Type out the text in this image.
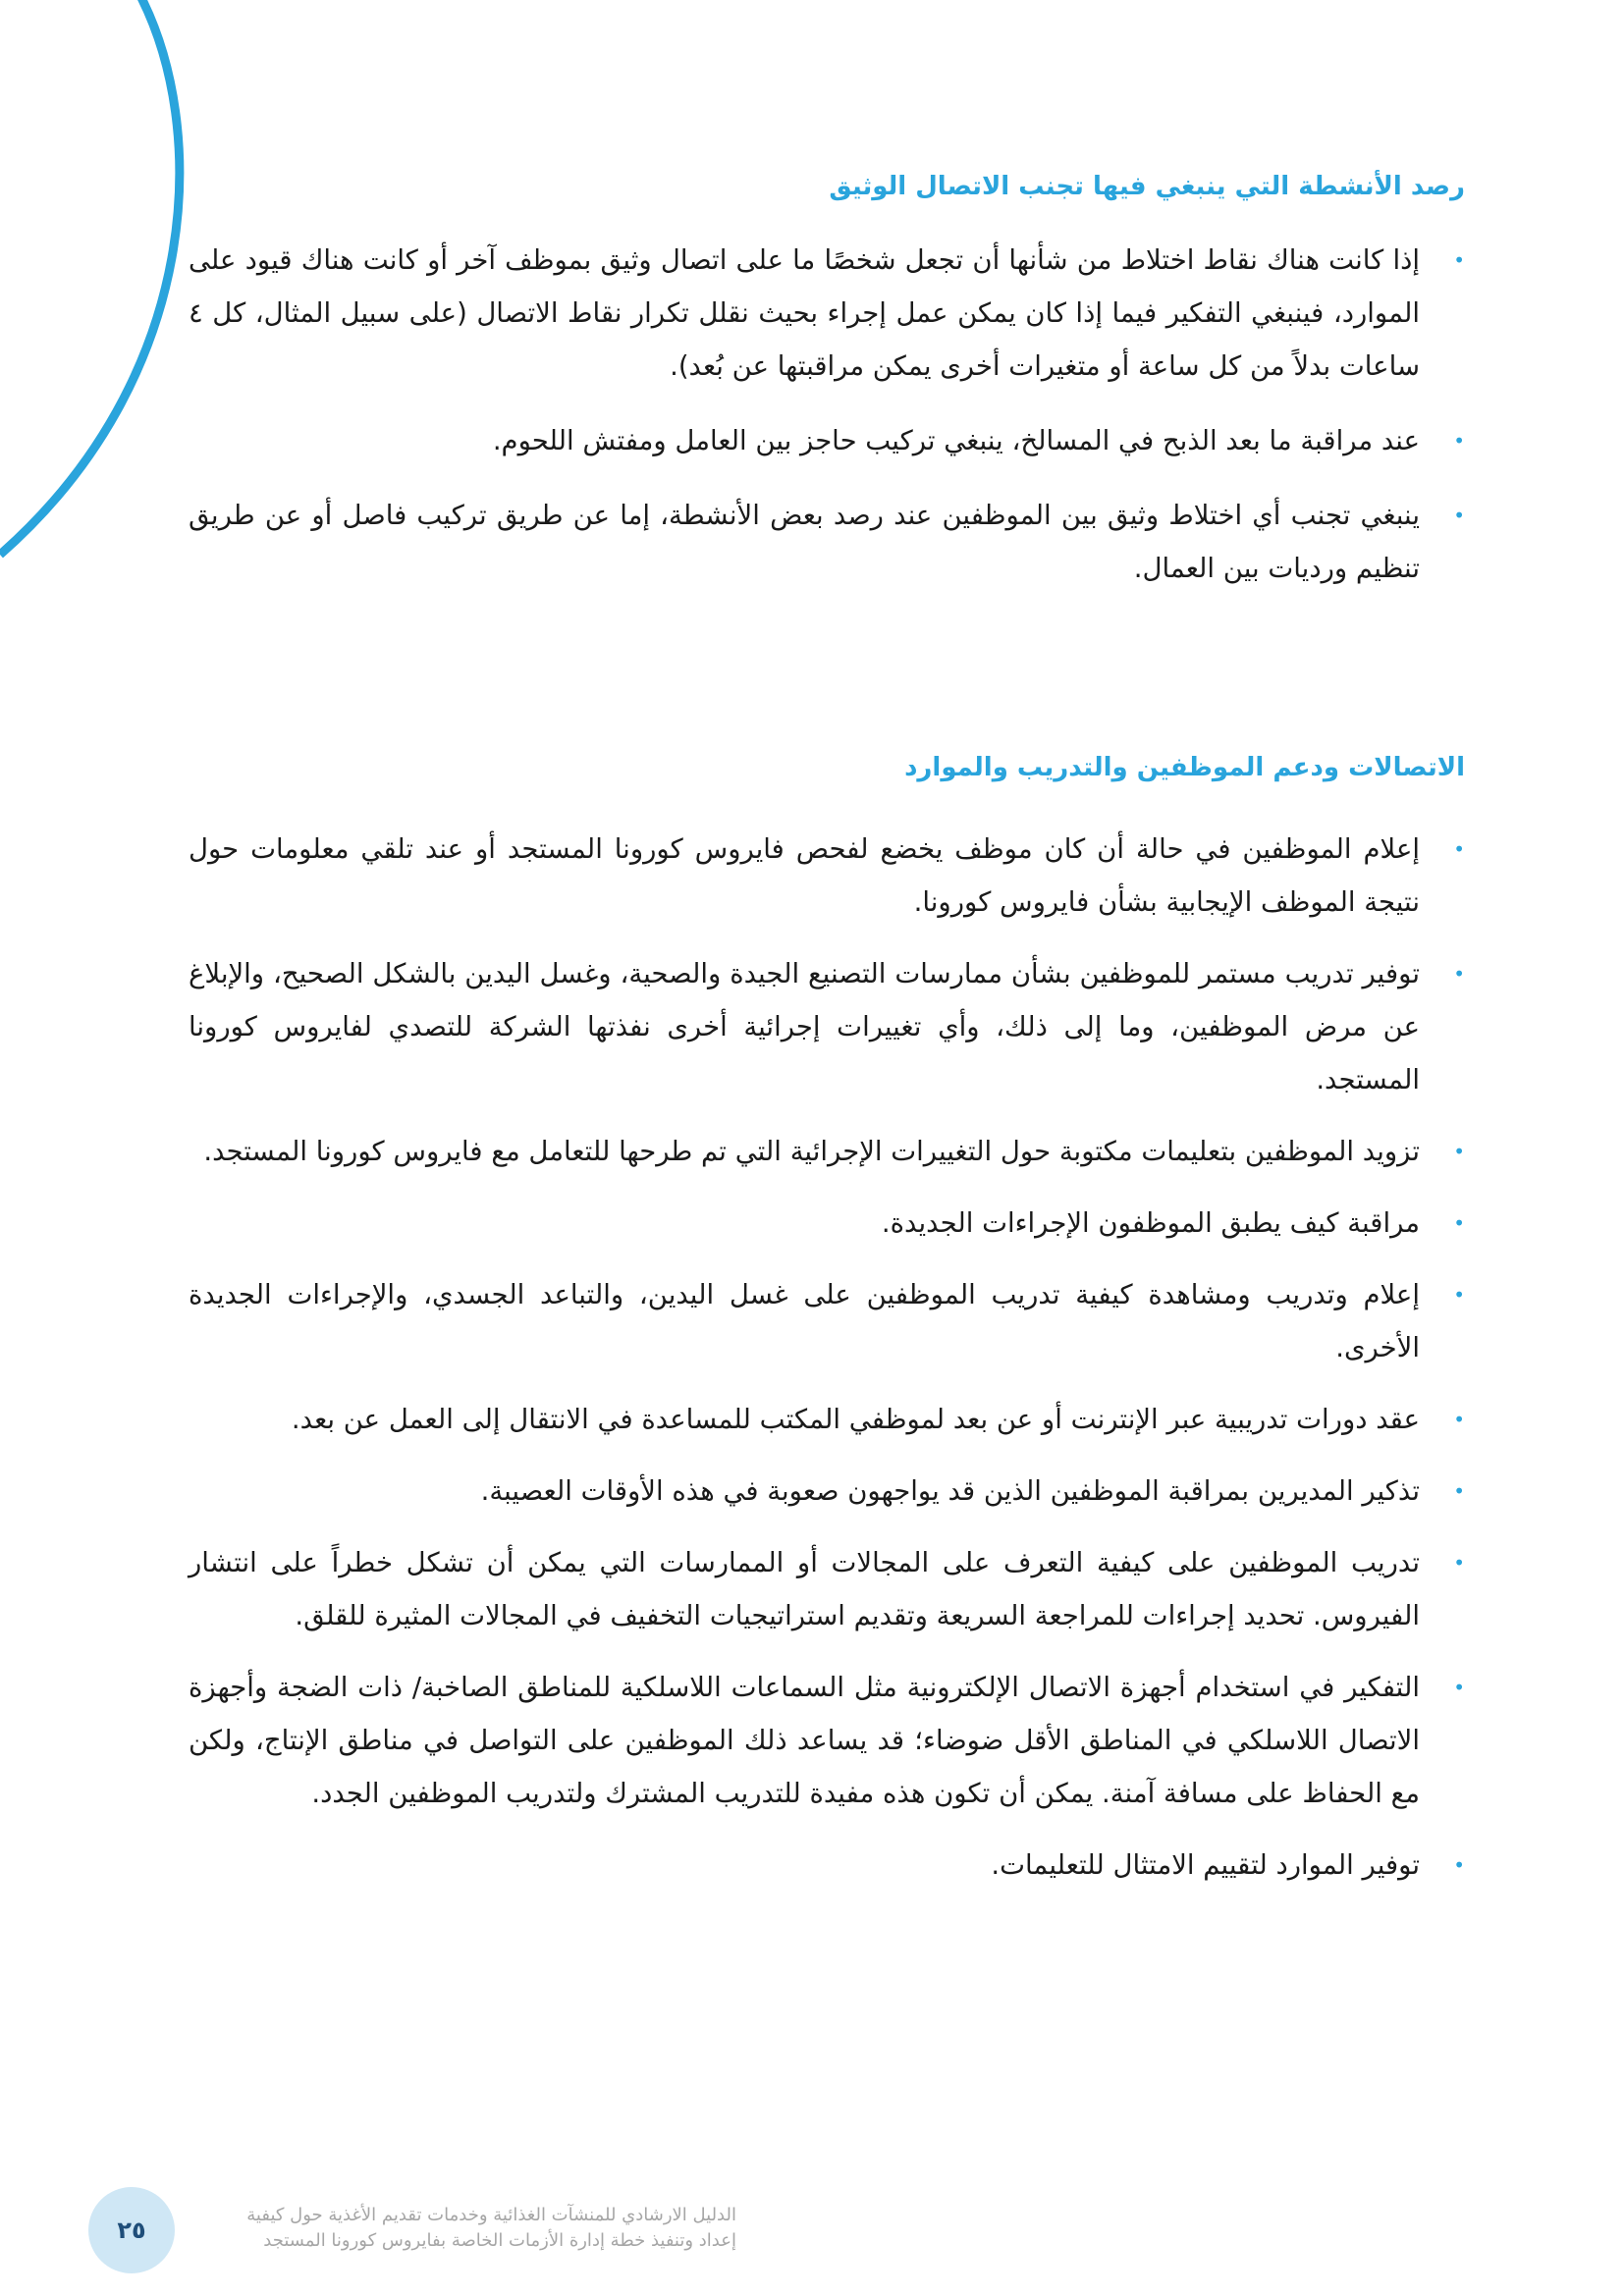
رصد الأنشطة التي ينبغي فيها تجنب الاتصال الوثيق
•
إذا كانت هناك نقاط اختلاط من شأنها أن تجعل شخصًا ما على اتصال وثيق بموظف آخر أو كانت هناك قيود على الموارد، فينبغي التفكير فيما إذا كان يمكن عمل إجراء بحيث نقلل تكرار نقاط الاتصال (على سبيل المثال، كل ٤ ساعات بدلاً من كل ساعة أو متغيرات أخرى يمكن مراقبتها عن بُعد).
•
عند مراقبة ما بعد الذبح في المسالخ، ينبغي تركيب حاجز بين العامل ومفتش اللحوم.
•
ينبغي تجنب أي اختلاط وثيق بين الموظفين عند رصد بعض الأنشطة، إما عن طريق تركيب فاصل أو عن طريق تنظيم ورديات بين العمال.
الاتصالات ودعم الموظفين والتدريب والموارد
•
إعلام الموظفين في حالة أن كان موظف يخضع لفحص فايروس كورونا المستجد أو عند تلقي معلومات حول نتيجة الموظف الإيجابية بشأن فايروس كورونا.
•
توفير تدريب مستمر للموظفين بشأن ممارسات التصنيع الجيدة والصحية، وغسل اليدين بالشكل الصحيح، والإبلاغ عن مرض الموظفين، وما إلى ذلك، وأي تغييرات إجرائية أخرى نفذتها الشركة للتصدي لفايروس كورونا المستجد.
•
تزويد الموظفين بتعليمات مكتوبة حول التغييرات الإجرائية التي تم طرحها للتعامل مع فايروس كورونا المستجد.
•
مراقبة كيف يطبق الموظفون الإجراءات الجديدة.
•
إعلام وتدريب ومشاهدة كيفية تدريب الموظفين على غسل اليدين، والتباعد الجسدي، والإجراءات الجديدة الأخرى.
•
عقد دورات تدريبية عبر الإنترنت أو عن بعد لموظفي المكتب للمساعدة في الانتقال إلى العمل عن بعد.
•
تذكير المديرين بمراقبة الموظفين الذين قد يواجهون صعوبة في هذه الأوقات العصيبة.
•
تدريب الموظفين على كيفية التعرف على المجالات أو الممارسات التي يمكن أن تشكل خطراً على انتشار الفيروس. تحديد إجراءات للمراجعة السريعة وتقديم استراتيجيات التخفيف في المجالات المثيرة للقلق.
•
التفكير في استخدام أجهزة الاتصال الإلكترونية مثل السماعات اللاسلكية للمناطق الصاخبة/ ذات الضجة وأجهزة الاتصال اللاسلكي في المناطق الأقل ضوضاء؛ قد يساعد ذلك الموظفين على التواصل في مناطق الإنتاج، ولكن مع الحفاظ على مسافة آمنة. يمكن أن تكون هذه مفيدة للتدريب المشترك ولتدريب الموظفين الجدد.
•
توفير الموارد لتقييم الامتثال للتعليمات.
٢٥
الدليل الارشادي للمنشآت الغذائية وخدمات تقديم الأغذية حول كيفية
إعداد وتنفيذ خطة إدارة الأزمات الخاصة بفايروس كورونا المستجد
